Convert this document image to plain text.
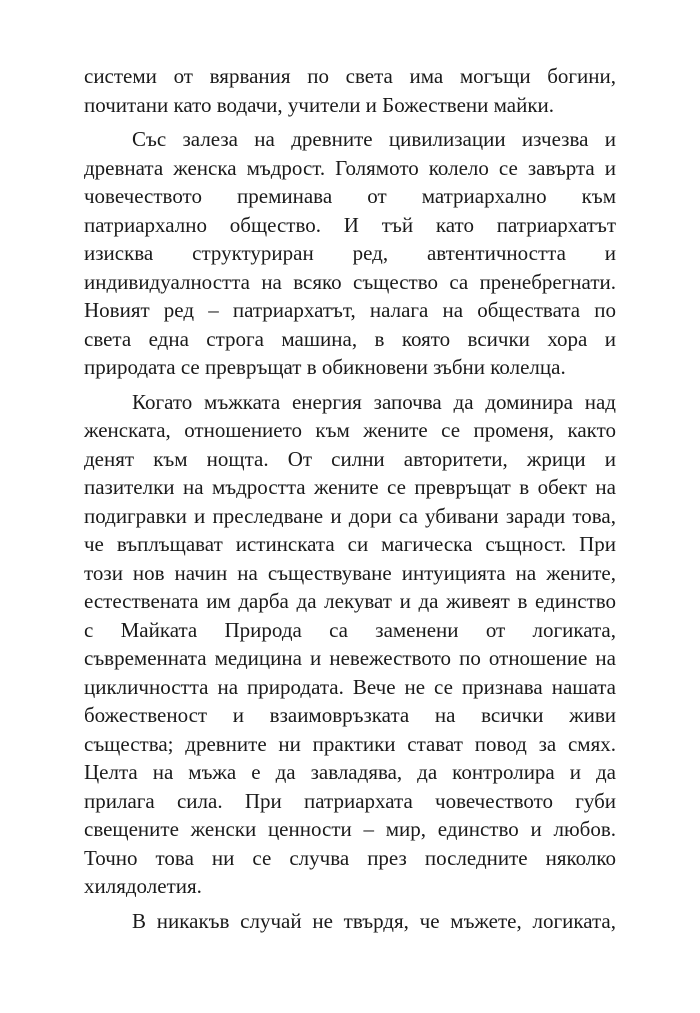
системи от вярвания по света има могъщи богини,
почитани като водачи, учители и Божествени майки.
Със залеза на древните цивилизации изчезва и
древната женска мъдрост. Голямото колело се завърта и
човечеството преминава от матриархално към
патриархално общество. И тъй като патриархатът
изисква структуриран ред, автентичността и
индивидуалността на всяко същество са пренебрегнати.
Новият ред – патриархатът, налага на обществата по
света една строга машина, в която всички хора и
природата се превръщат в обикновени зъбни колелца.
Когато мъжката енергия започва да доминира над
женската, отношението към жените се променя, както
денят към нощта. От силни авторитети, жрици и
пазителки на мъдростта жените се превръщат в обект на
подигравки и преследване и дори са убивани заради това,
че въплъщават истинската си магическа същност. При
този нов начин на съществуване интуицията на жените,
естествената им дарба да лекуват и да живеят в единство
с Майката Природа са заменени от логиката,
съвременната медицина и невежеството по отношение на
цикличността на природата. Вече не се признава нашата
божественост и взаимовръзката на всички живи
същества; древните ни практики стават повод за смях.
Целта на мъжа е да завладява, да контролира и да
прилага сила. При патриархата човечеството губи
свещените женски ценности – мир, единство и любов.
Точно това ни се случва през последните няколко
хилядолетия.
В никакъв случай не твърдя, че мъжете, логиката,
